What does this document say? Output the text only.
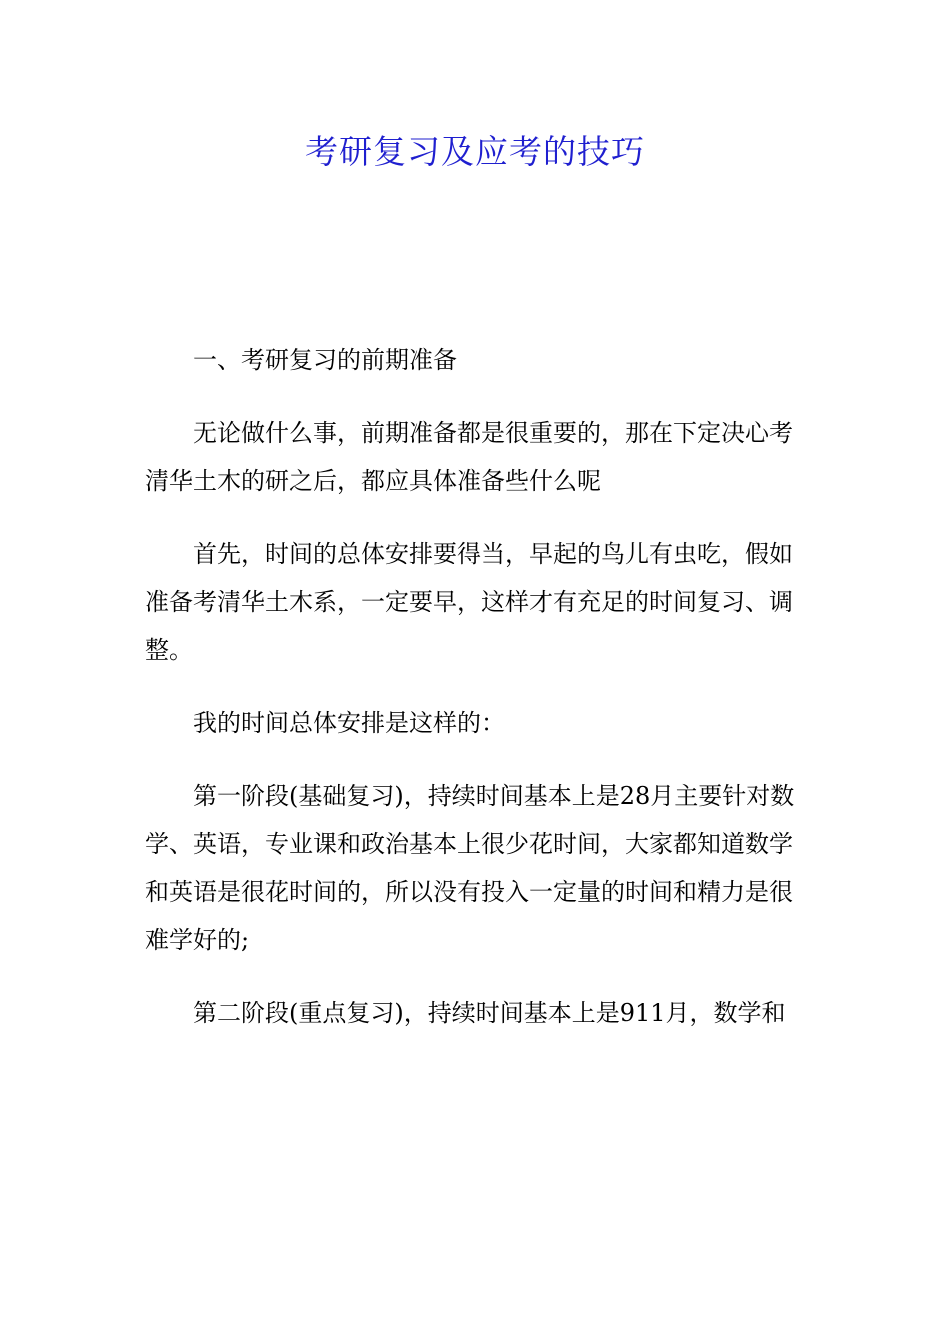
考研复习及应考的技巧

一、考研复习的前期准备

无论做什么事，前期准备都是很重要的，那在下定决心考清华土木的研之后，都应具体准备些什么呢

首先，时间的总体安排要得当，早起的鸟儿有虫吃，假如准备考清华土木系，一定要早，这样才有充足的时间复习、调整。

我的时间总体安排是这样的：

第一阶段(基础复习)，持续时间基本上是28月主要针对数学、英语，专业课和政治基本上很少花时间，大家都知道数学和英语是很花时间的，所以没有投入一定量的时间和精力是很难学好的;

第二阶段(重点复习)，持续时间基本上是911月，数学和
